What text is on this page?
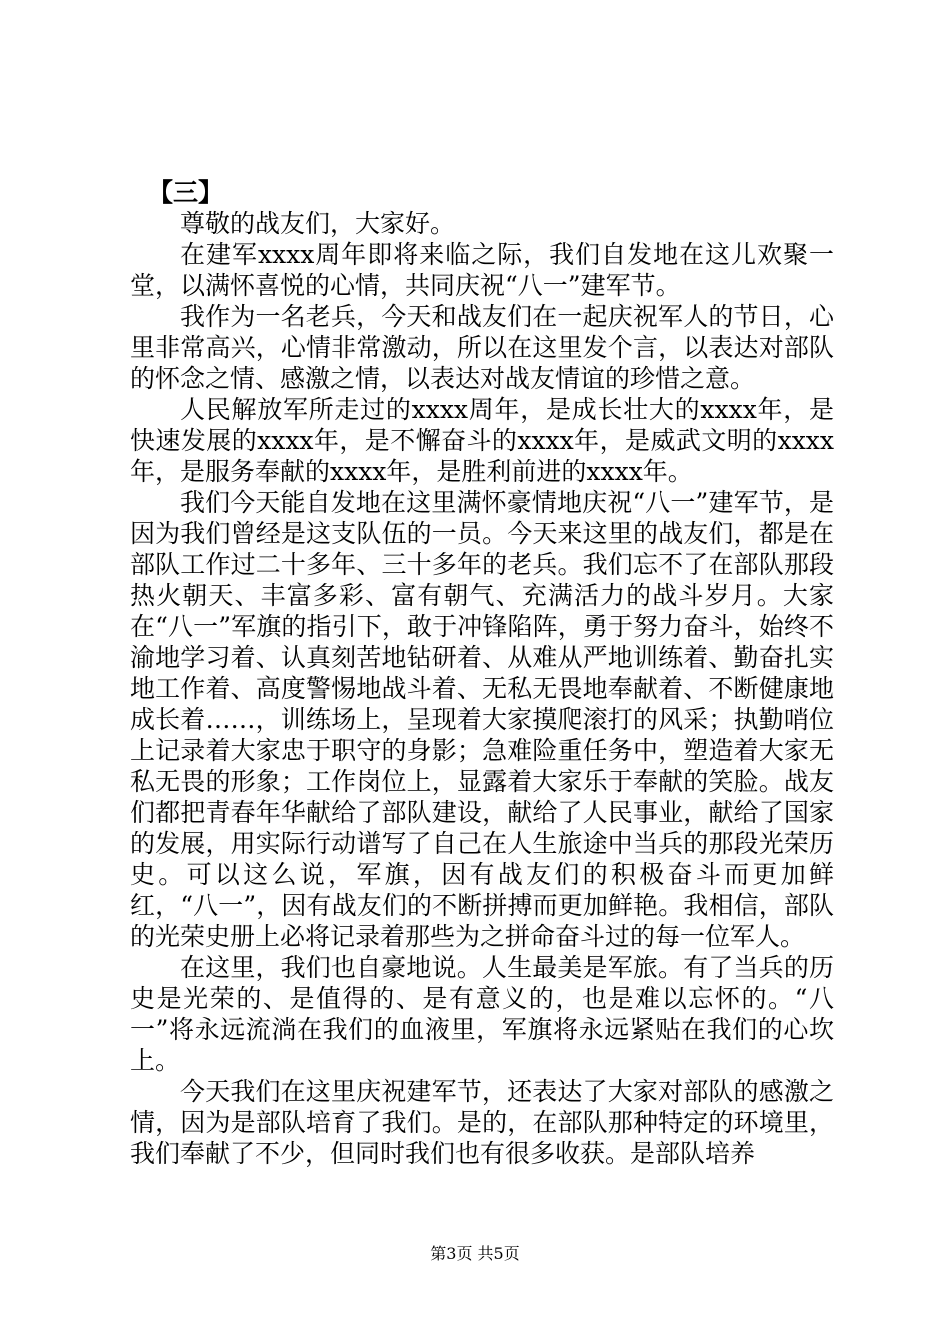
【三】

尊敬的战友们，大家好。

在建军xxxx周年即将来临之际，我们自发地在这儿欢聚一堂，以满怀喜悦的心情，共同庆祝“八一”建军节。

我作为一名老兵，今天和战友们在一起庆祝军人的节日，心里非常高兴，心情非常激动，所以在这里发个言，以表达对部队的怀念之情、感激之情，以表达对战友情谊的珍惜之意。

人民解放军所走过的xxxx周年，是成长壮大的xxxx年，是快速发展的xxxx年，是不懈奋斗的xxxx年，是威武文明的xxxx年，是服务奉献的xxxx年，是胜利前进的xxxx年。

我们今天能自发地在这里满怀豪情地庆祝“八一”建军节，是因为我们曾经是这支队伍的一员。今天来这里的战友们，都是在部队工作过二十多年、三十多年的老兵。我们忘不了在部队那段热火朝天、丰富多彩、富有朝气、充满活力的战斗岁月。大家在“八一”军旗的指引下，敢于冲锋陷阵，勇于努力奋斗，始终不渝地学习着、认真刻苦地钻研着、从难从严地训练着、勤奋扎实地工作着、高度警惕地战斗着、无私无畏地奉献着、不断健康地成长着……，训练场上，呈现着大家摸爬滚打的风采；执勤哨位上记录着大家忠于职守的身影；急难险重任务中，塑造着大家无私无畏的形象；工作岗位上，显露着大家乐于奉献的笑脸。战友们都把青春年华献给了部队建设，献给了人民事业，献给了国家的发展，用实际行动谱写了自己在人生旅途中当兵的那段光荣历史。可以这么说，军旗，因有战友们的积极奋斗而更加鲜红，“八一”，因有战友们的不断拼搏而更加鲜艳。我相信，部队的光荣史册上必将记录着那些为之拼命奋斗过的每一位军人。

在这里，我们也自豪地说。人生最美是军旅。有了当兵的历史是光荣的、是值得的、是有意义的，也是难以忘怀的。“八一”将永远流淌在我们的血液里，军旗将永远紧贴在我们的心坎上。

今天我们在这里庆祝建军节，还表达了大家对部队的感激之情，因为是部队培育了我们。是的，在部队那种特定的环境里，我们奉献了不少，但同时我们也有很多收获。是部队培养

第3页 共5页
